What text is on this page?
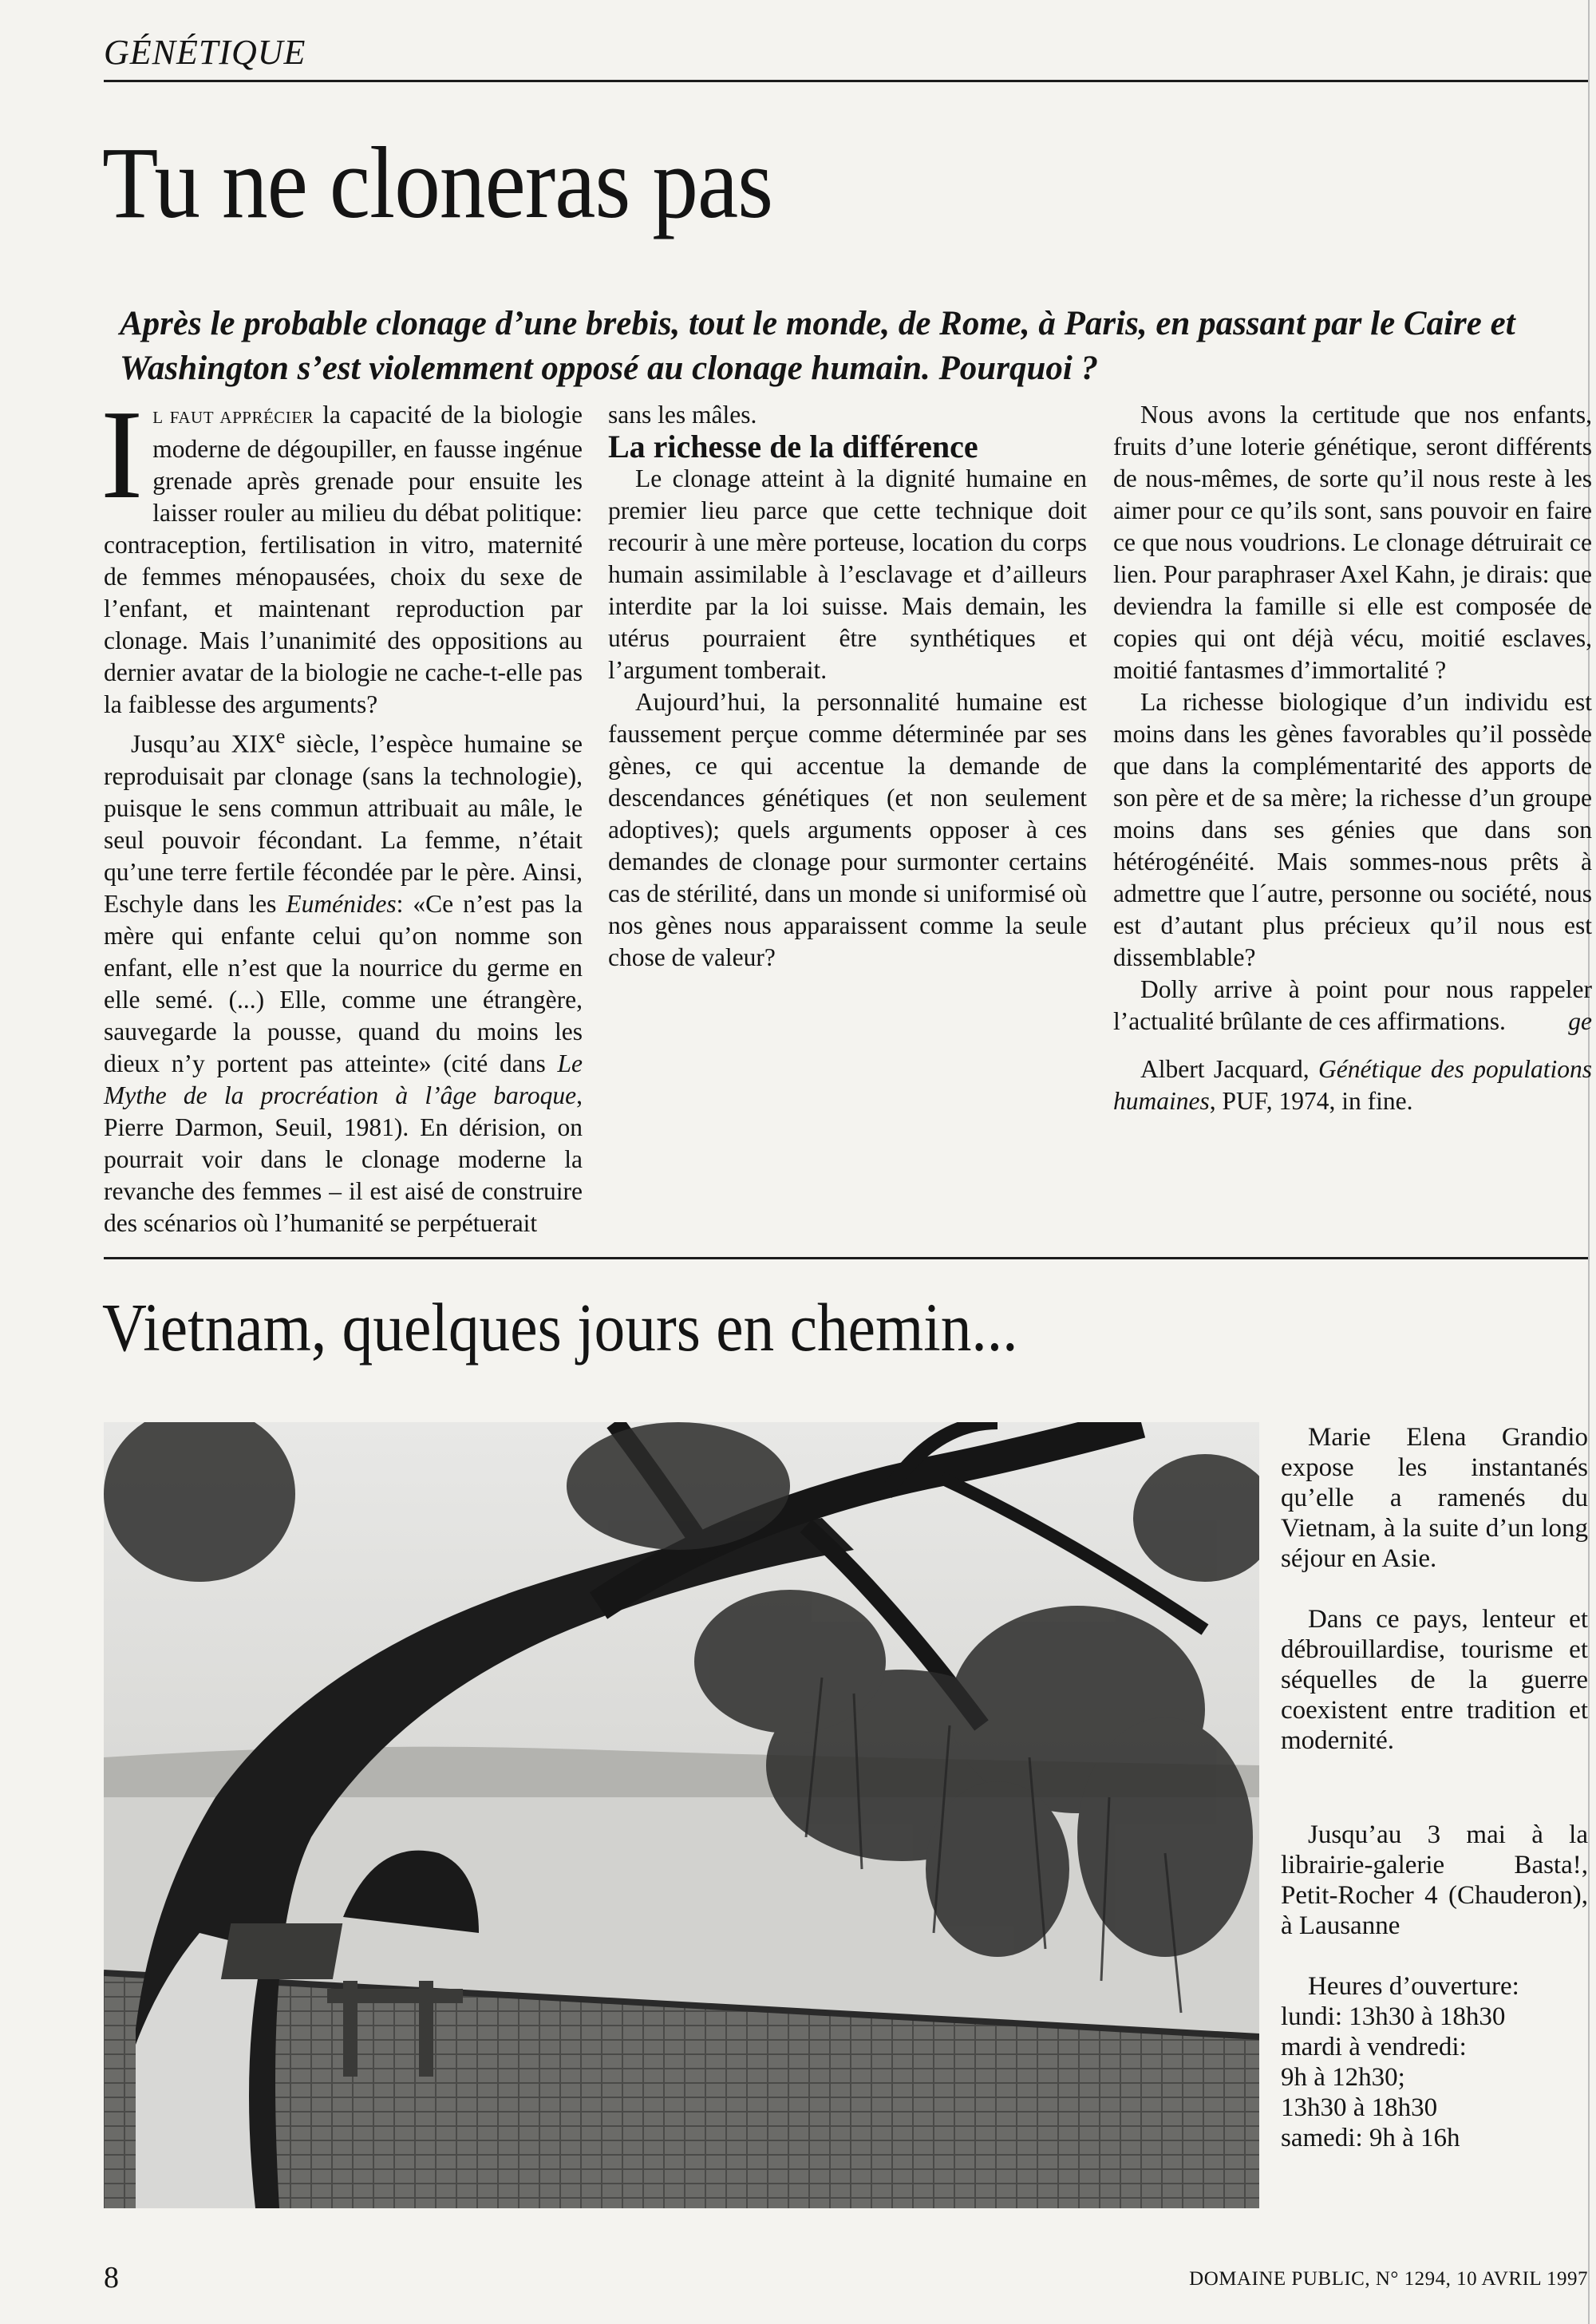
GÉNÉTIQUE
Tu ne cloneras pas

Après le probable clonage d’une brebis, tout le monde, de Rome, à Paris, en passant par le Caire et Washington s’est violemment opposé au clonage humain. Pourquoi ?

IL FAUT APPRÉCIER la capacité de la biologie moderne de dégoupiller, en fausse ingénue grenade après grenade pour ensuite les laisser rouler au milieu du débat politique: contraception, fertilisation in vitro, maternité de femmes ménopausées, choix du sexe de l’enfant, et maintenant reproduction par clonage. Mais l’unanimité des oppositions au dernier avatar de la biologie ne cache-t-elle pas la faiblesse des arguments?

Jusqu’au XIXe siècle, l’espèce humaine se reproduisait par clonage (sans la technologie), puisque le sens commun attribuait au mâle, le seul pouvoir fécondant. La femme, n’était qu’une terre fertile fécondée par le père. Ainsi, Eschyle dans les Euménides: «Ce n’est pas la mère qui enfante celui qu’on nomme son enfant, elle n’est que la nourrice du germe en elle semé. (...) Elle, comme une étrangère, sauvegarde la pousse, quand du moins les dieux n’y portent pas atteinte» (cité dans Le Mythe de la procréation à l’âge baroque, Pierre Darmon, Seuil, 1981). En dérision, on pourrait voir dans le clonage moderne la revanche des femmes – il est aisé de construire des scénarios où l’humanité se perpétuerait

sans les mâles.

La richesse de la différence

Le clonage atteint à la dignité humaine en premier lieu parce que cette technique doit recourir à une mère porteuse, location du corps humain assimilable à l’esclavage et d’ailleurs interdite par la loi suisse. Mais demain, les utérus pourraient être synthétiques et l’argument tomberait.

Aujourd’hui, la personnalité humaine est faussement perçue comme déterminée par ses gènes, ce qui accentue la demande de descendances génétiques (et non seulement adoptives); quels arguments opposer à ces demandes de clonage pour surmonter certains cas de stérilité, dans un monde si uniformisé où nos gènes nous apparaissent comme la seule chose de valeur?

Nous avons la certitude que nos enfants, fruits d’une loterie génétique, seront différents de nous-mêmes, de sorte qu’il nous reste à les aimer pour ce qu’ils sont, sans pouvoir en faire ce que nous voudrions. Le clonage détruirait ce lien. Pour paraphraser Axel Kahn, je dirais: que deviendra la famille si elle est composée de copies qui ont déjà vécu, moitié esclaves, moitié fantasmes d’immortalité ?

La richesse biologique d’un individu est moins dans les gènes favorables qu’il possède que dans la complémentarité des apports de son père et de sa mère; la richesse d’un groupe moins dans ses génies que dans son hétérogénéité. Mais sommes-nous prêts à admettre que l´autre, personne ou société, nous est d’autant plus précieux qu’il nous est dissemblable?

Dolly arrive à point pour nous rappeler l’actualité brûlante de ces affirmations.	ge

Albert Jacquard, Génétique des populations humaines, PUF, 1974, in fine.

Vietnam, quelques jours en chemin...

Marie Elena Grandio expose les instantanés qu’elle a ramenés du Vietnam, à la suite d’un long séjour en Asie.

Dans ce pays, lenteur et débrouillardise, tourisme et séquelles de la guerre coexistent entre tradition et modernité.

Jusqu’au 3 mai à la librairie-galerie Basta!, Petit-Rocher 4 (Chauderon), à Lausanne

Heures d’ouverture:
lundi: 13h30 à 18h30
mardi à vendredi:
9h à 12h30;
13h30 à 18h30
samedi: 9h à 16h

8	DOMAINE PUBLIC, N° 1294, 10 AVRIL 1997
